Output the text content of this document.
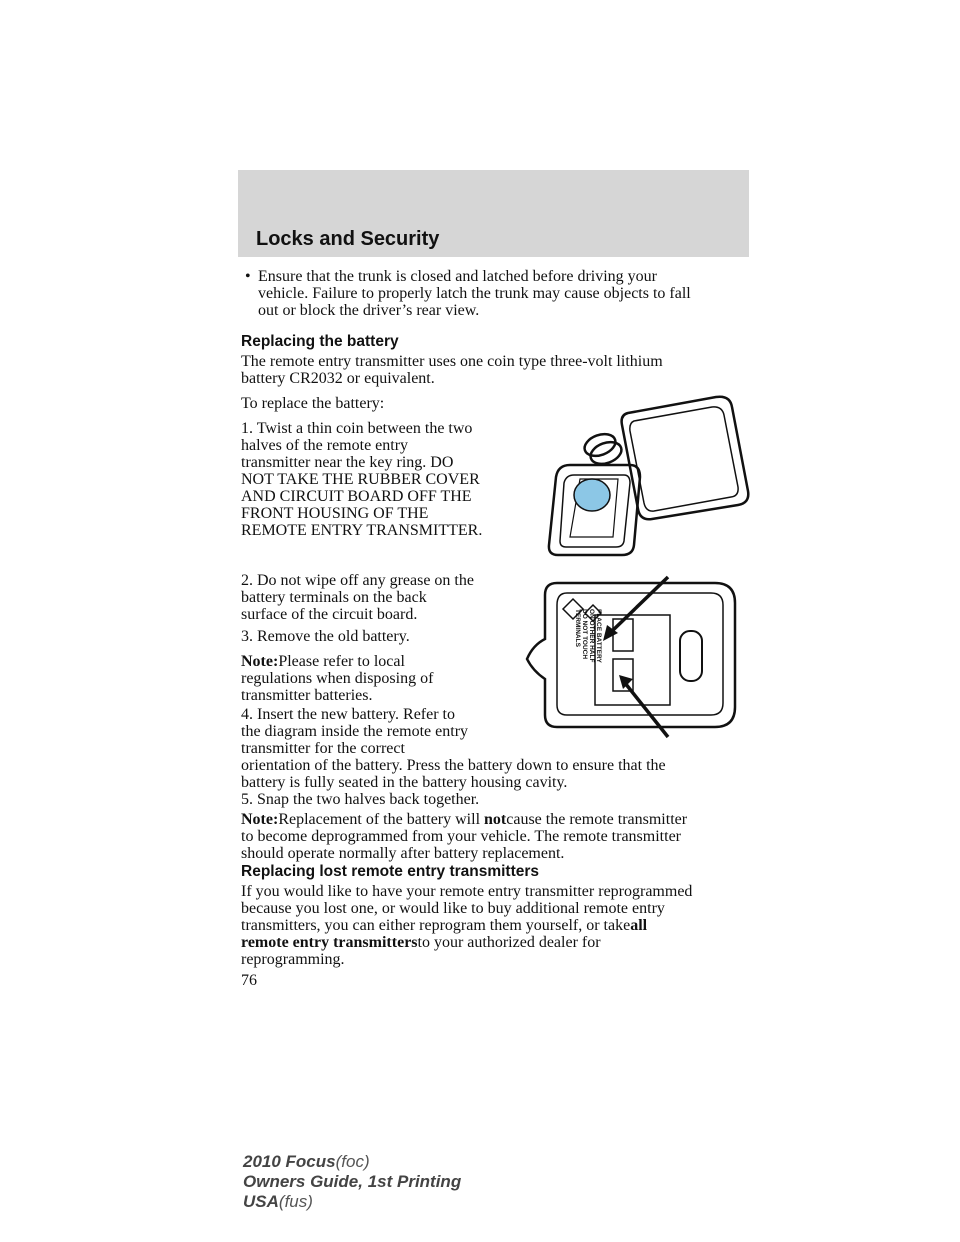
Locks and Security
• Ensure that the trunk is closed and latched before driving your
vehicle. Failure to properly latch the trunk may cause objects to fall
out or block the driver’s rear view.

Replacing the battery

The remote entry transmitter uses one coin type three-volt lithium
battery CR2032 or equivalent.

To replace the battery:

1. Twist a thin coin between the two
halves of the remote entry
transmitter near the key ring. DO
NOT TAKE THE RUBBER COVER
AND CIRCUIT BOARD OFF THE
FRONT HOUSING OF THE
REMOTE ENTRY TRANSMITTER.

2. Do not wipe off any grease on the
battery terminals on the back
surface of the circuit board.

3. Remove the old battery.

Note:Please refer to local
regulations when disposing of
transmitter batteries.

4. Insert the new battery. Refer to
the diagram inside the remote entry
transmitter for the correct

orientation of the battery. Press the battery down to ensure that the
battery is fully seated in the battery housing cavity.

5. Snap the two halves back together.

Note:Replacement of the battery will notcause the remote transmitter

to become deprogrammed from your vehicle. The remote transmitter
should operate normally after battery replacement.

Replacing lost remote entry transmitters

If you would like to have your remote entry transmitter reprogrammed
because you lost one, or would like to buy additional remote entry

transmitters, you can either reprogram them yourself, or takeall

remote entry transmittersto your authorized dealer for

reprogramming.

76

PLACE BATTERY
ON OTHER HALF
DO NOT TOUCH
TERMINALS
2010 Focus(foc)
Owners Guide, 1st Printing
USA(fus)
